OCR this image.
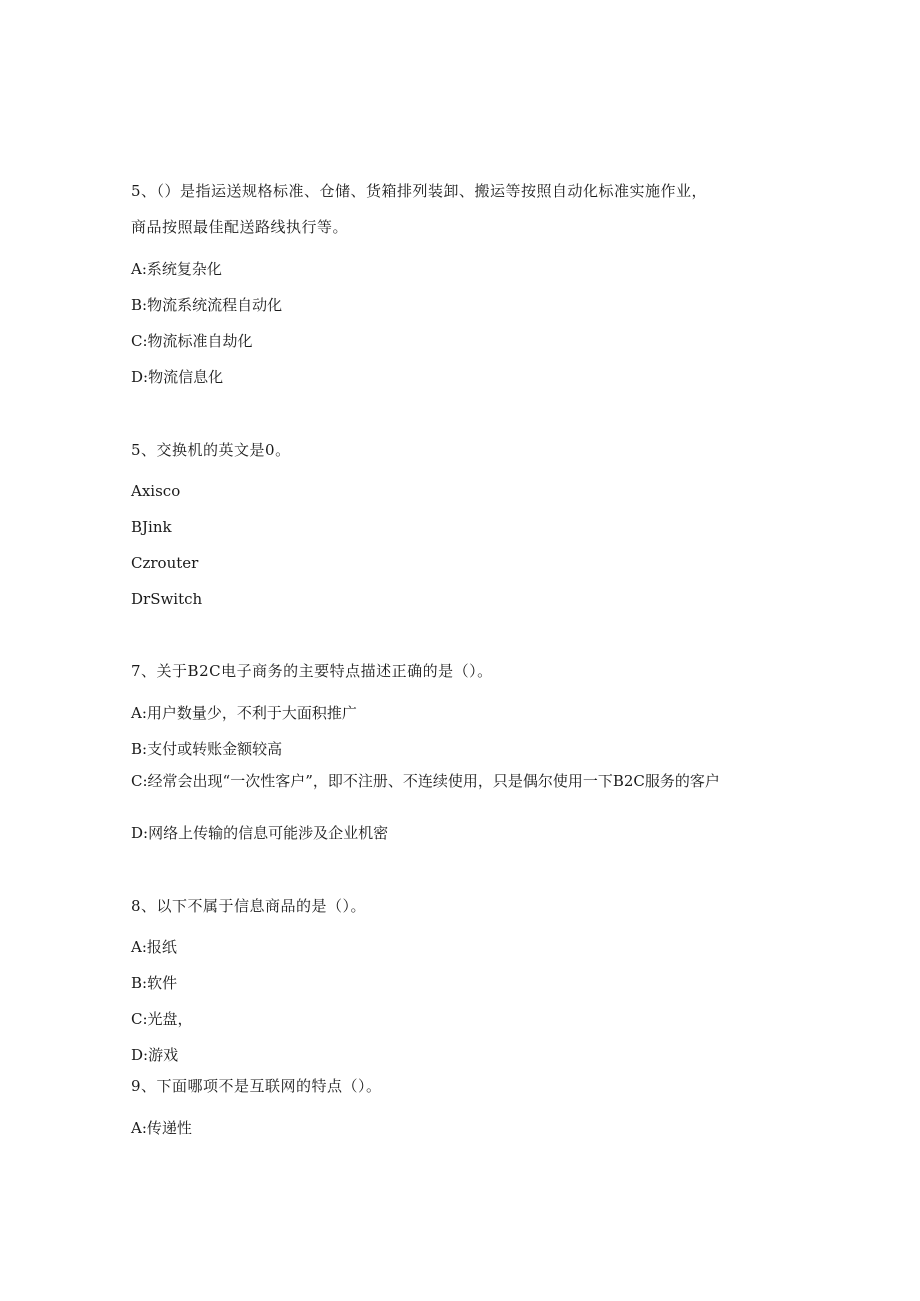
5、（）是指运送规格标准、仓储、货箱排列装卸、搬运等按照自动化标准实施作业，
商品按照最佳配送路线执行等。
A:系统复杂化
B:物流系统流程自动化
C:物流标准自劫化
D:物流信息化
5、交换机的英文是0。
Axisco
BJink
Czrouter
DrSwitch
7、关于B2C电子商务的主要特点描述正确的是（）。
A:用户数量少，不利于大面积推广
B:支付或转账金额较高
C:经常会出现“一次性客户”，即不注册、不连续使用，只是偶尔使用一下B2C服务的客户
D:网络上传输的信息可能涉及企业机密
8、以下不属于信息商品的是（）。
A:报纸
B:软件
C:光盘，
D:游戏
9、下面哪项不是互联网的特点（）。
A:传递性
